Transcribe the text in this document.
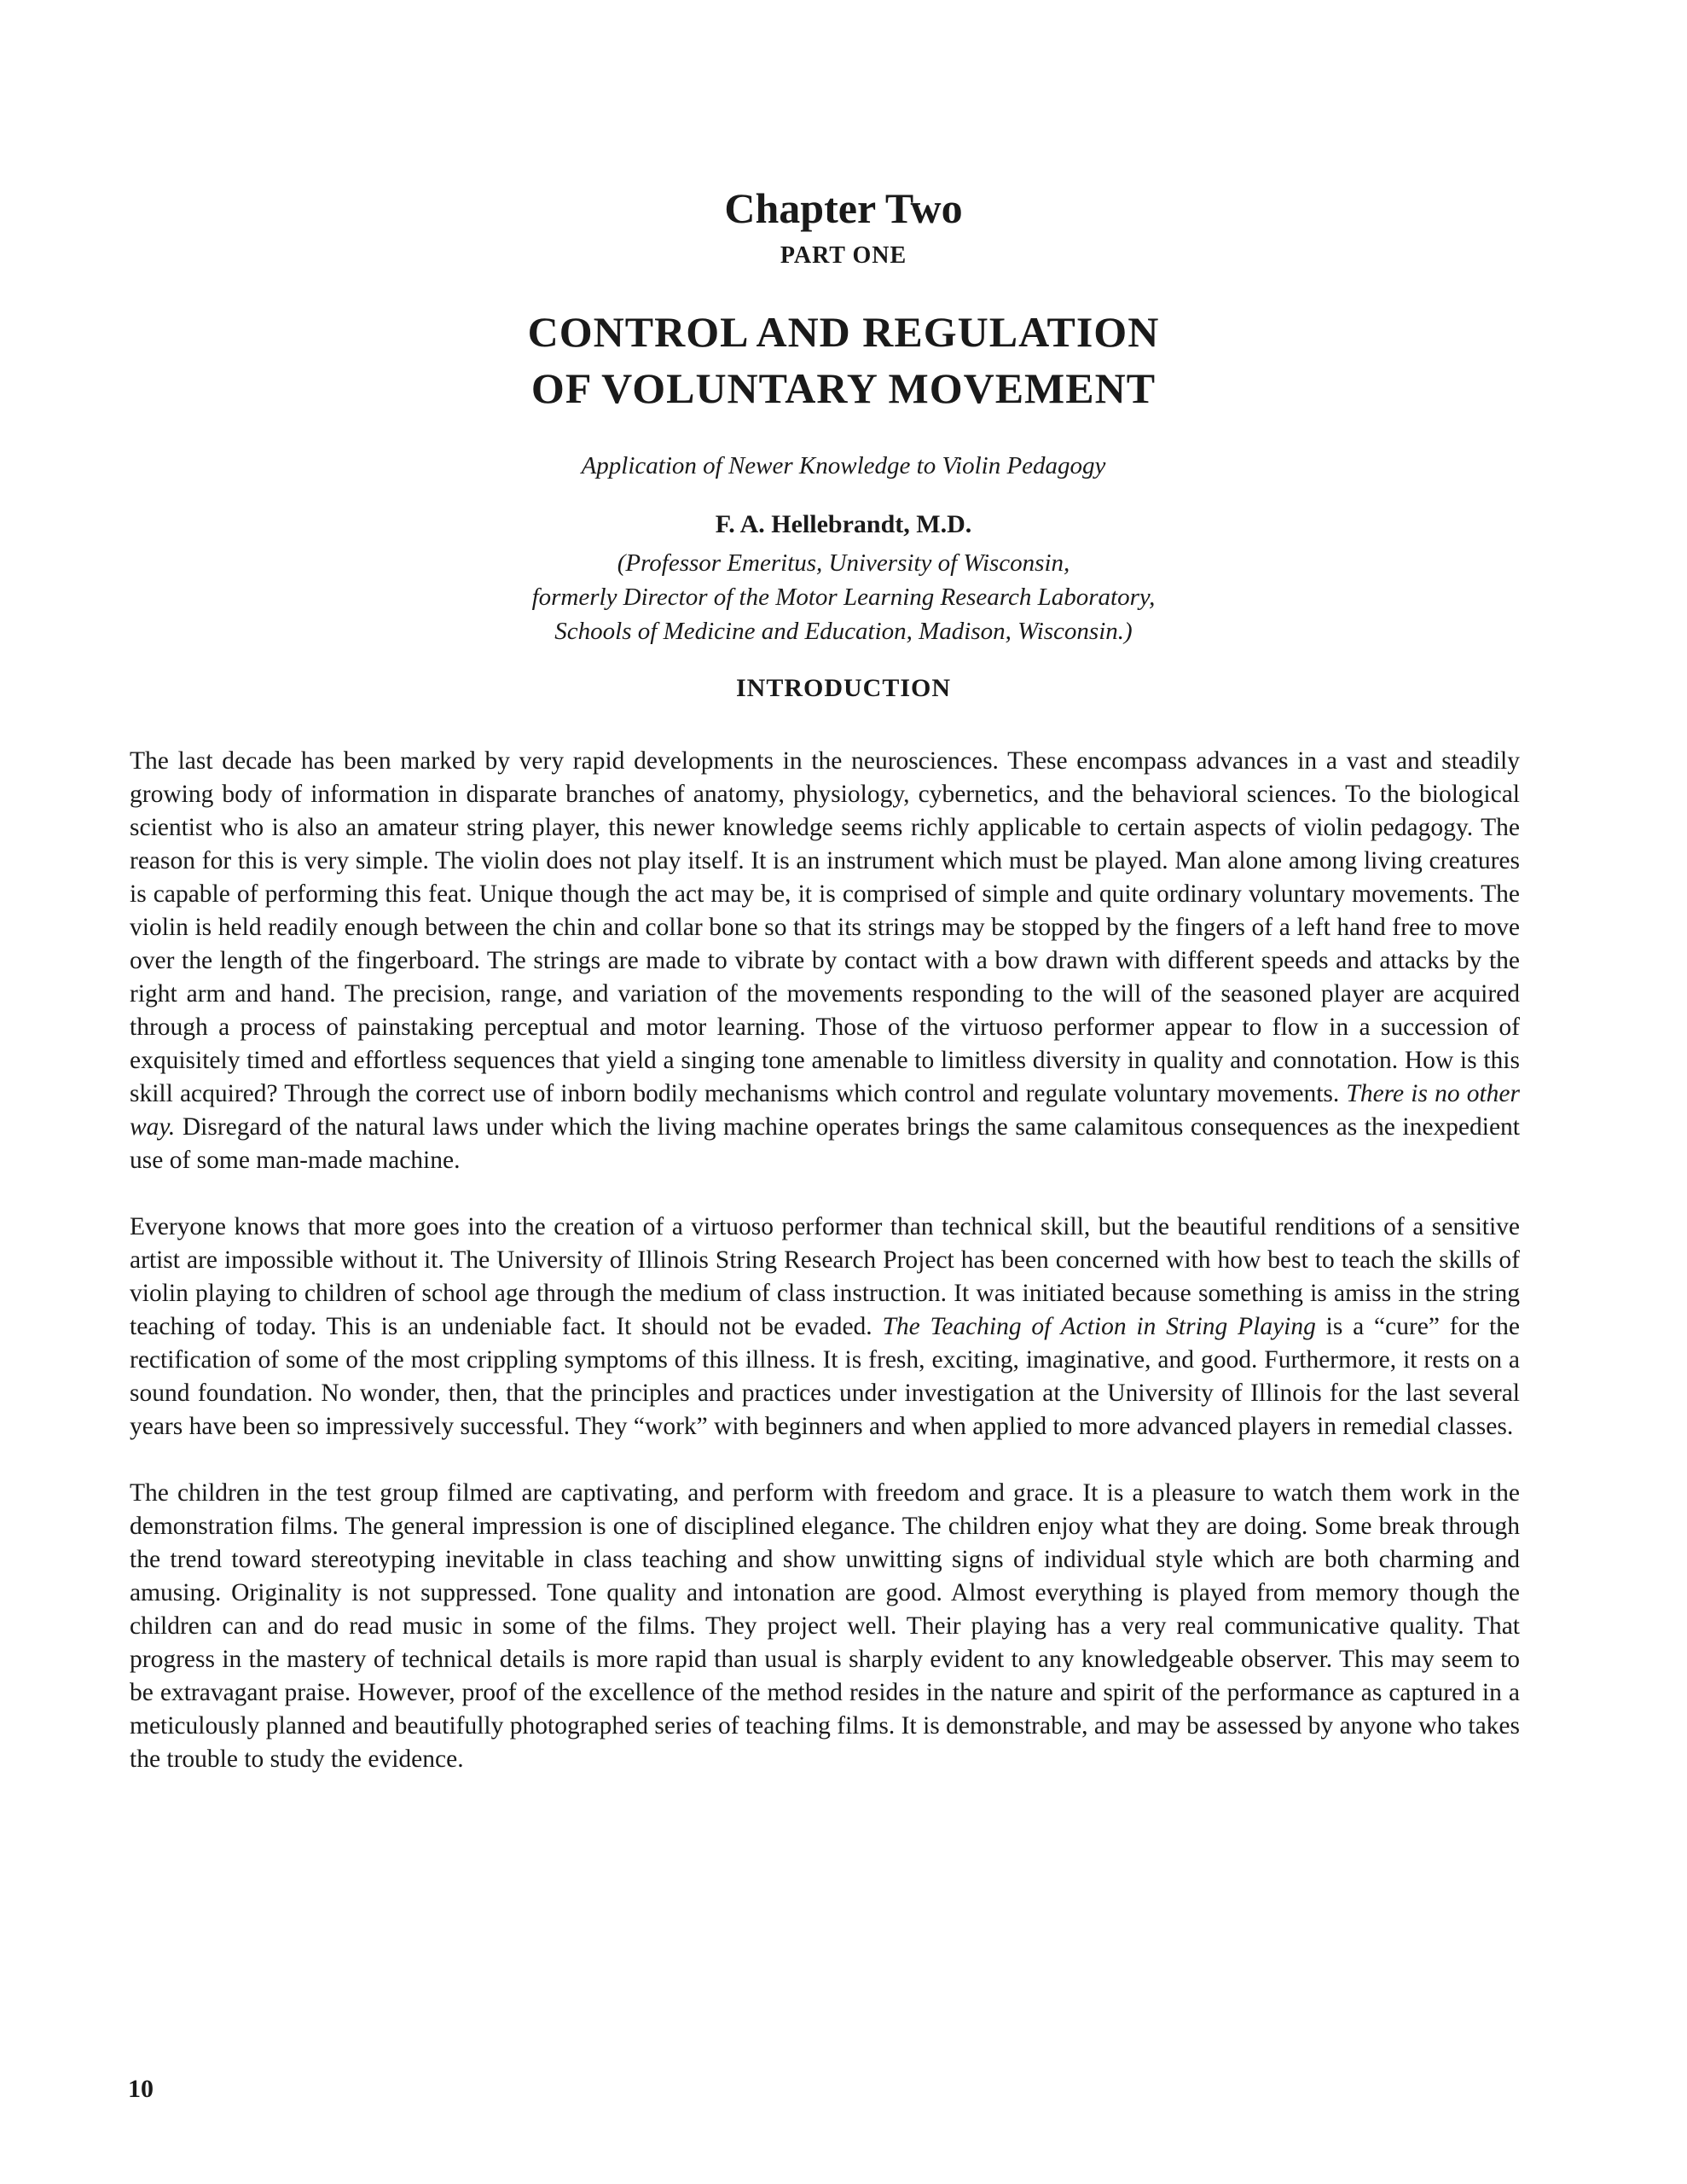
Chapter Two
PART ONE
CONTROL AND REGULATION
OF VOLUNTARY MOVEMENT
Application of Newer Knowledge to Violin Pedagogy
F. A. Hellebrandt, M.D.
(Professor Emeritus, University of Wisconsin,
formerly Director of the Motor Learning Research Laboratory,
Schools of Medicine and Education, Madison, Wisconsin.)
INTRODUCTION

The last decade has been marked by very rapid developments in the neurosciences. These encompass advances in a vast and steadily growing body of information in disparate branches of anatomy, physiology, cybernetics, and the behavioral sciences. To the biological scientist who is also an amateur string player, this newer knowledge seems richly applicable to certain aspects of violin pedagogy. The reason for this is very simple. The violin does not play itself. It is an instrument which must be played. Man alone among living creatures is capable of performing this feat. Unique though the act may be, it is comprised of simple and quite ordinary voluntary movements. The violin is held readily enough between the chin and collar bone so that its strings may be stopped by the fingers of a left hand free to move over the length of the fingerboard. The strings are made to vibrate by contact with a bow drawn with different speeds and attacks by the right arm and hand. The precision, range, and variation of the movements responding to the will of the seasoned player are acquired through a process of painstaking perceptual and motor learning. Those of the virtuoso performer appear to flow in a succession of exquisitely timed and effortless sequences that yield a singing tone amenable to limitless diversity in quality and connotation. How is this skill acquired? Through the correct use of inborn bodily mechanisms which control and regulate voluntary movements. There is no other way. Disregard of the natural laws under which the living machine operates brings the same calamitous consequences as the inexpedient use of some man-made machine.

Everyone knows that more goes into the creation of a virtuoso performer than technical skill, but the beautiful renditions of a sensitive artist are impossible without it. The University of Illinois String Research Project has been concerned with how best to teach the skills of violin playing to children of school age through the medium of class instruction. It was initiated because something is amiss in the string teaching of today. This is an undeniable fact. It should not be evaded. The Teaching of Action in String Playing is a “cure” for the rectification of some of the most crippling symptoms of this illness. It is fresh, exciting, imaginative, and good. Furthermore, it rests on a sound foundation. No wonder, then, that the principles and practices under investigation at the University of Illinois for the last several years have been so impressively successful. They “work” with beginners and when applied to more advanced players in remedial classes.

The children in the test group filmed are captivating, and perform with freedom and grace. It is a pleasure to watch them work in the demonstration films. The general impression is one of disciplined elegance. The children enjoy what they are doing. Some break through the trend toward stereotyping inevitable in class teaching and show unwitting signs of individual style which are both charming and amusing. Originality is not suppressed. Tone quality and intonation are good. Almost everything is played from memory though the children can and do read music in some of the films. They project well. Their playing has a very real communicative quality. That progress in the mastery of technical details is more rapid than usual is sharply evident to any knowledgeable observer. This may seem to be extravagant praise. However, proof of the excellence of the method resides in the nature and spirit of the performance as captured in a meticulously planned and beautifully photographed series of teaching films. It is demonstrable, and may be assessed by anyone who takes the trouble to study the evidence.

10
